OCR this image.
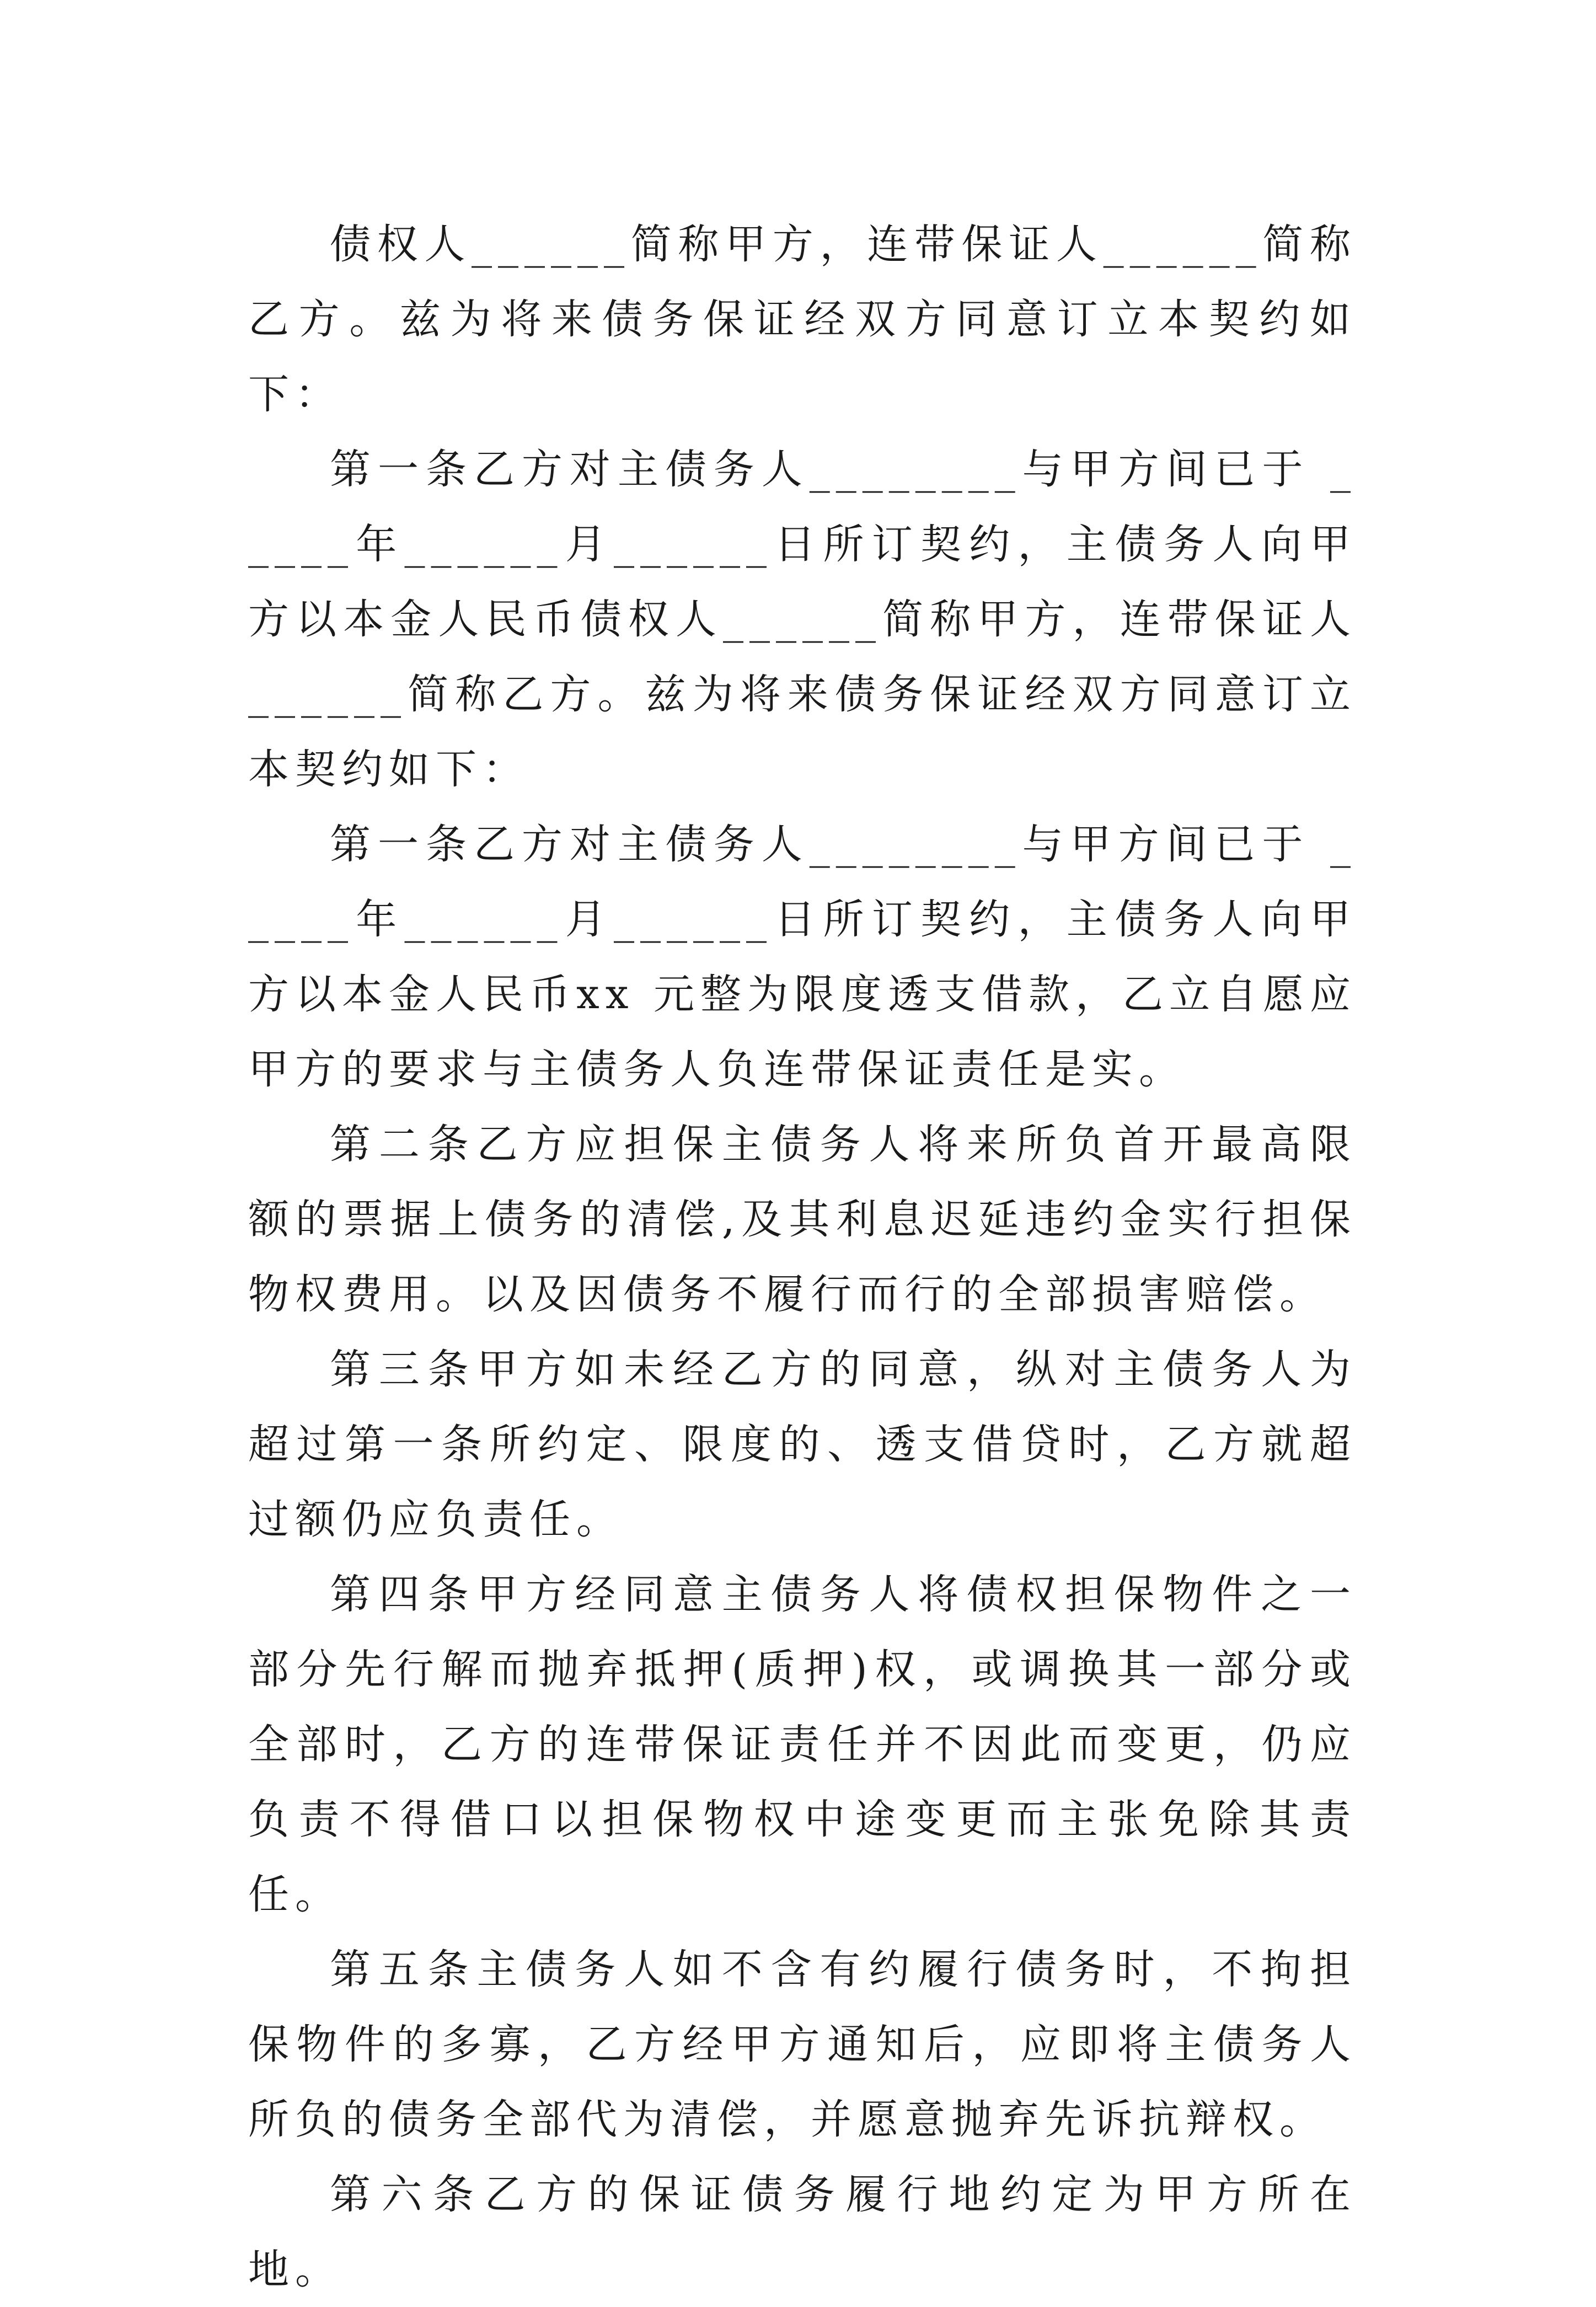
债权人______简称甲方，连带保证人______简称乙方。兹为将来债务保证经双方同意订立本契约如下：

第一条乙方对主债务人________与甲方间已于 _____年______月______日所订契约，主债务人向甲方以本金人民币债权人______简称甲方，连带保证人______简称乙方。兹为将来债务保证经双方同意订立本契约如下：

第一条乙方对主债务人________与甲方间已于 _____年______月______日所订契约，主债务人向甲方以本金人民币xx 元整为限度透支借款，乙立自愿应甲方的要求与主债务人负连带保证责任是实。

第二条乙方应担保主债务人将来所负首开最高限额的票据上债务的清偿,及其利息迟延违约金实行担保物权费用。以及因债务不履行而行的全部损害赔偿。

第三条甲方如未经乙方的同意，纵对主债务人为超过第一条所约定、限度的、透支借贷时，乙方就超过额仍应负责任。

第四条甲方经同意主债务人将债权担保物件之一部分先行解而抛弃抵押(质押)权，或调换其一部分或全部时，乙方的连带保证责任并不因此而变更，仍应负责不得借口以担保物权中途变更而主张免除其责任。

第五条主债务人如不含有约履行债务时，不拘担保物件的多寡，乙方经甲方通知后，应即将主债务人所负的债务全部代为清偿，并愿意抛弃先诉抗辩权。

第六条乙方的保证债务履行地约定为甲方所在地。
